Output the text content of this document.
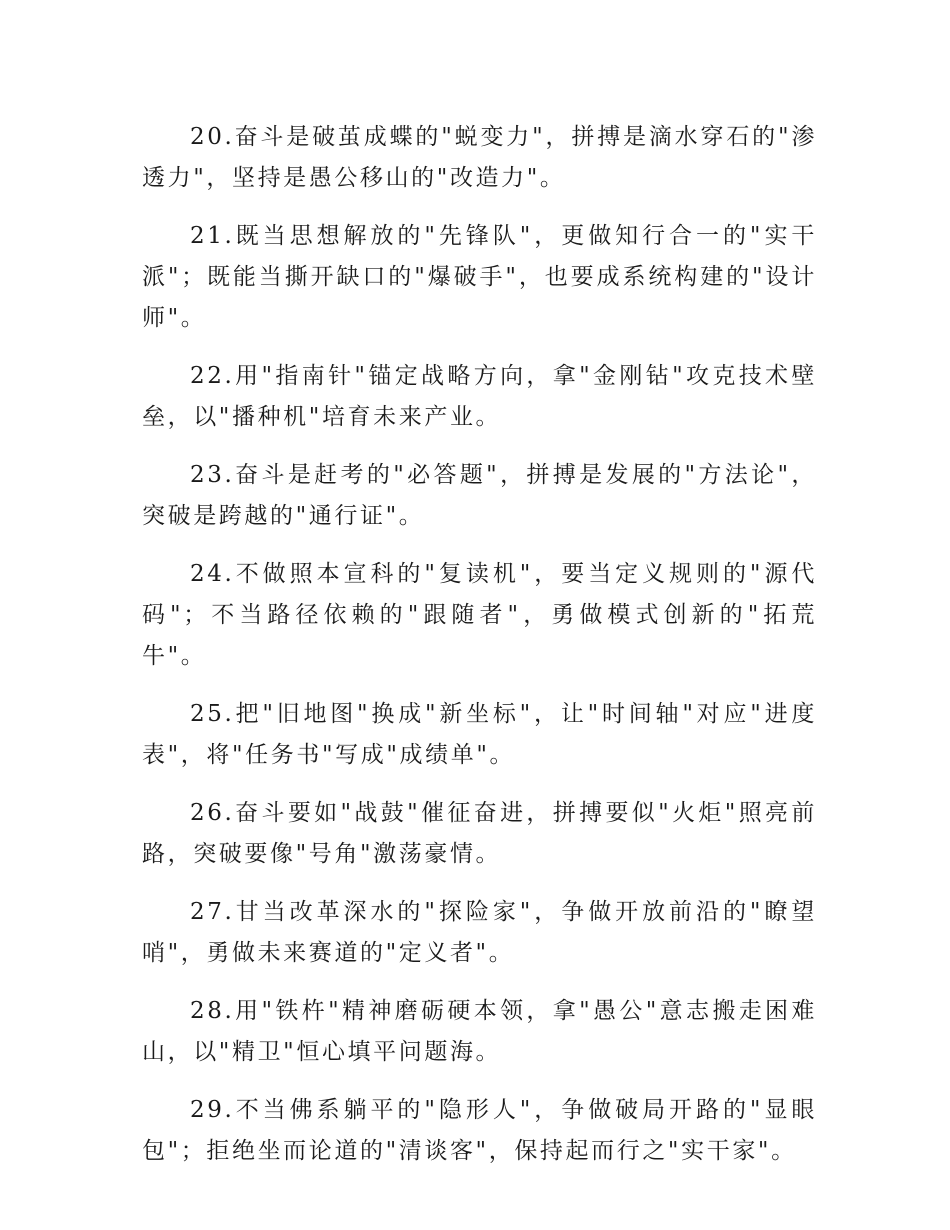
20.奋斗是破茧成蝶的"蜕变力"，拼搏是滴水穿石的"渗透力"，坚持是愚公移山的"改造力"。

21.既当思想解放的"先锋队"，更做知行合一的"实干派"；既能当撕开缺口的"爆破手"，也要成系统构建的"设计师"。

22.用"指南针"锚定战略方向，拿"金刚钻"攻克技术壁垒，以"播种机"培育未来产业。

23.奋斗是赶考的"必答题"，拼搏是发展的"方法论"，突破是跨越的"通行证"。

24.不做照本宣科的"复读机"，要当定义规则的"源代码"；不当路径依赖的"跟随者"，勇做模式创新的"拓荒牛"。

25.把"旧地图"换成"新坐标"，让"时间轴"对应"进度表"，将"任务书"写成"成绩单"。

26.奋斗要如"战鼓"催征奋进，拼搏要似"火炬"照亮前路，突破要像"号角"激荡豪情。

27.甘当改革深水的"探险家"，争做开放前沿的"瞭望哨"，勇做未来赛道的"定义者"。

28.用"铁杵"精神磨砺硬本领，拿"愚公"意志搬走困难山，以"精卫"恒心填平问题海。

29.不当佛系躺平的"隐形人"，争做破局开路的"显眼包"；拒绝坐而论道的"清谈客"，保持起而行之"实干家"。
